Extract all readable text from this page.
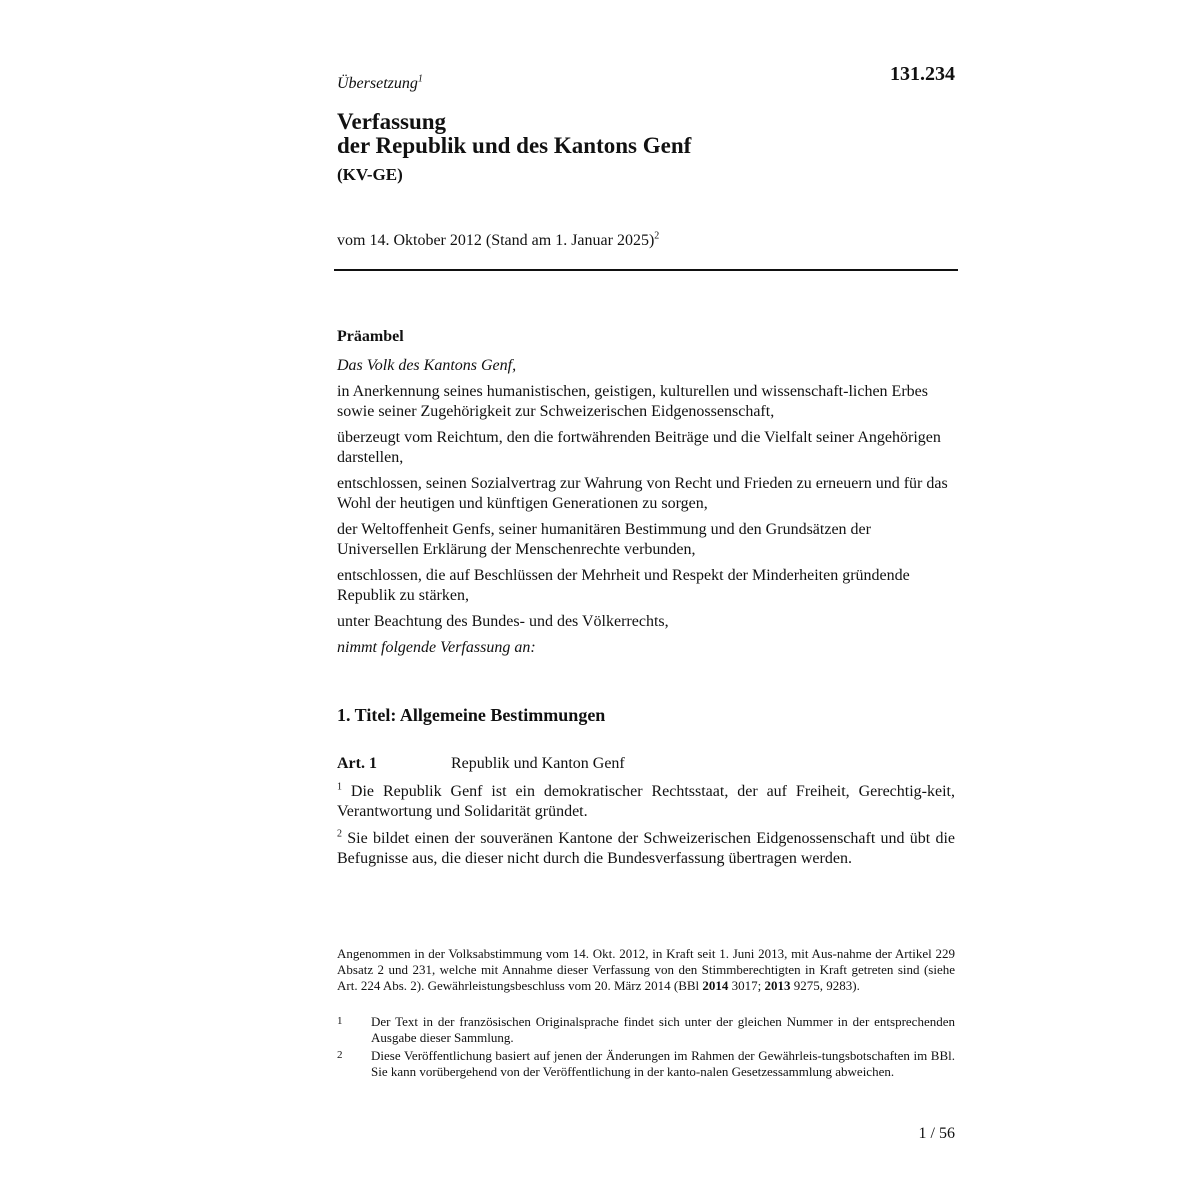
131.234
Übersetzung$^1$
Verfassung
der Republik und des Kantons Genf
(KV-GE)
vom 14. Oktober 2012 (Stand am 1. Januar 2025)$^2$
Präambel
Das Volk des Kantons Genf,
in Anerkennung seines humanistischen, geistigen, kulturellen und wissenschaft-lichen Erbes sowie seiner Zugehörigkeit zur Schweizerischen Eidgenossenschaft,
überzeugt vom Reichtum, den die fortwährenden Beiträge und die Vielfalt seiner Angehörigen darstellen,
entschlossen, seinen Sozialvertrag zur Wahrung von Recht und Frieden zu erneuern und für das Wohl der heutigen und künftigen Generationen zu sorgen,
der Weltoffenheit Genfs, seiner humanitären Bestimmung und den Grundsätzen der Universellen Erklärung der Menschenrechte verbunden,
entschlossen, die auf Beschlüssen der Mehrheit und Respekt der Minderheiten gründende Republik zu stärken,
unter Beachtung des Bundes- und des Völkerrechts,
nimmt folgende Verfassung an:
1. Titel: Allgemeine Bestimmungen
Art. 1	Republik und Kanton Genf
$^1$ Die Republik Genf ist ein demokratischer Rechtsstaat, der auf Freiheit, Gerechtig-keit, Verantwortung und Solidarität gründet.
$^2$ Sie bildet einen der souveränen Kantone der Schweizerischen Eidgenossenschaft und übt die Befugnisse aus, die dieser nicht durch die Bundesverfassung übertragen werden.
Angenommen in der Volksabstimmung vom 14. Okt. 2012, in Kraft seit 1. Juni 2013, mit Aus-nahme der Artikel 229 Absatz 2 und 231, welche mit Annahme dieser Verfassung von den Stimmberechtigten in Kraft getreten sind (siehe Art. 224 Abs. 2). Gewährleistungsbeschluss vom 20. März 2014 (BBl 2014 3017; 2013 9275, 9283).
1	Der Text in der französischen Originalsprache findet sich unter der gleichen Nummer in der entsprechenden Ausgabe dieser Sammlung.
2	Diese Veröffentlichung basiert auf jenen der Änderungen im Rahmen der Gewährleis-tungsbotschaften im BBl. Sie kann vorübergehend von der Veröffentlichung in der kanto-nalen Gesetzessammlung abweichen.
1 / 56
